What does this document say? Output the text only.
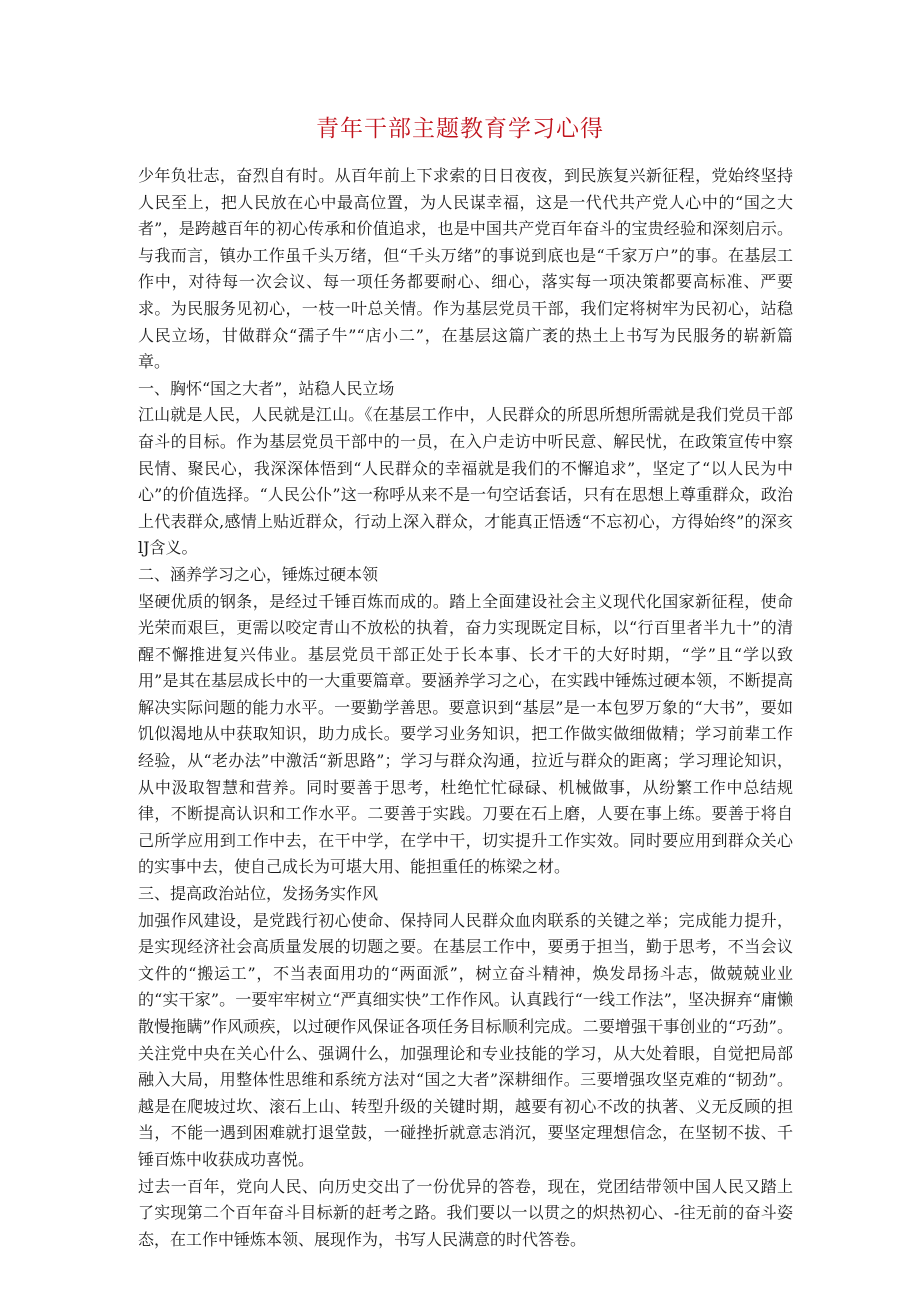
青年干部主题教育学习心得

少年负壮志，奋烈自有时。从百年前上下求索的日日夜夜，到民族复兴新征程，党始终坚持人民至上，把人民放在心中最高位置，为人民谋幸福，这是一代代共产党人心中的“国之大者”，是跨越百年的初心传承和价值追求，也是中国共产党百年奋斗的宝贵经验和深刻启示。与我而言，镇办工作虽千头万绪，但“千头万绪”的事说到底也是“千家万户”的事。在基层工作中，对待每一次会议、每一项任务都要耐心、细心，落实每一项决策都要高标准、严要求。为民服务见初心，一枝一叶总关情。作为基层党员干部，我们定将树牢为民初心，站稳人民立场，甘做群众“孺子牛”“店小二”，在基层这篇广袤的热土上书写为民服务的崭新篇章。

一、胸怀“国之大者”，站稳人民立场

江山就是人民，人民就是江山。《在基层工作中，人民群众的所思所想所需就是我们党员干部奋斗的目标。作为基层党员干部中的一员，在入户走访中听民意、解民忧，在政策宣传中察民情、聚民心，我深深体悟到“人民群众的幸福就是我们的不懈追求”，坚定了“以人民为中心”的价值选择。“人民公仆”这一称呼从来不是一句空话套话，只有在思想上尊重群众，政治上代表群众,感情上贴近群众，行动上深入群众，才能真正悟透“不忘初心，方得始终”的深亥lJ含义。

二、涵养学习之心，锤炼过硬本领

坚硬优质的钢条，是经过千锤百炼而成的。踏上全面建设社会主义现代化国家新征程，使命光荣而艰巨，更需以咬定青山不放松的执着，奋力实现既定目标，以“行百里者半九十”的清醒不懈推进复兴伟业。基层党员干部正处于长本事、长才干的大好时期，“学”且“学以致用”是其在基层成长中的一大重要篇章。要涵养学习之心，在实践中锤炼过硬本领，不断提高解决实际问题的能力水平。一要勤学善思。要意识到“基层”是一本包罗万象的“大书”，要如饥似渴地从中获取知识，助力成长。要学习业务知识，把工作做实做细做精；学习前辈工作经验，从“老办法”中激活“新思路”；学习与群众沟通，拉近与群众的距离；学习理论知识，从中汲取智慧和营养。同时要善于思考，杜绝忙忙碌碌、机械做事，从纷繁工作中总结规律，不断提高认识和工作水平。二要善于实践。刀要在石上磨，人要在事上练。要善于将自己所学应用到工作中去，在干中学，在学中干，切实提升工作实效。同时要应用到群众关心的实事中去，使自己成长为可堪大用、能担重任的栋梁之材。

三、提高政治站位，发扬务实作风

加强作风建设，是党践行初心使命、保持同人民群众血肉联系的关键之举；完成能力提升，是实现经济社会高质量发展的切题之要。在基层工作中，要勇于担当，勤于思考，不当会议文件的“搬运工”，不当表面用功的“两面派”，树立奋斗精神，焕发昂扬斗志，做兢兢业业的“实干家”。一要牢牢树立“严真细实快”工作作风。认真践行“一线工作法”，坚决摒弃“庸懒散慢拖瞒”作风顽疾，以过硬作风保证各项任务目标顺利完成。二要增强干事创业的“巧劲”。关注党中央在关心什么、强调什么，加强理论和专业技能的学习，从大处着眼，自觉把局部融入大局，用整体性思维和系统方法对“国之大者”深耕细作。三要增强攻坚克难的“韧劲”。越是在爬坡过坎、滚石上山、转型升级的关键时期，越要有初心不改的执著、义无反顾的担当，不能一遇到困难就打退堂鼓，一碰挫折就意志消沉，要坚定理想信念，在坚韧不拔、千锤百炼中收获成功喜悦。

过去一百年，党向人民、向历史交出了一份优异的答卷，现在，党团结带领中国人民又踏上了实现第二个百年奋斗目标新的赶考之路。我们要以一以贯之的炽热初心、-往无前的奋斗姿态，在工作中锤炼本领、展现作为，书写人民满意的时代答卷。
